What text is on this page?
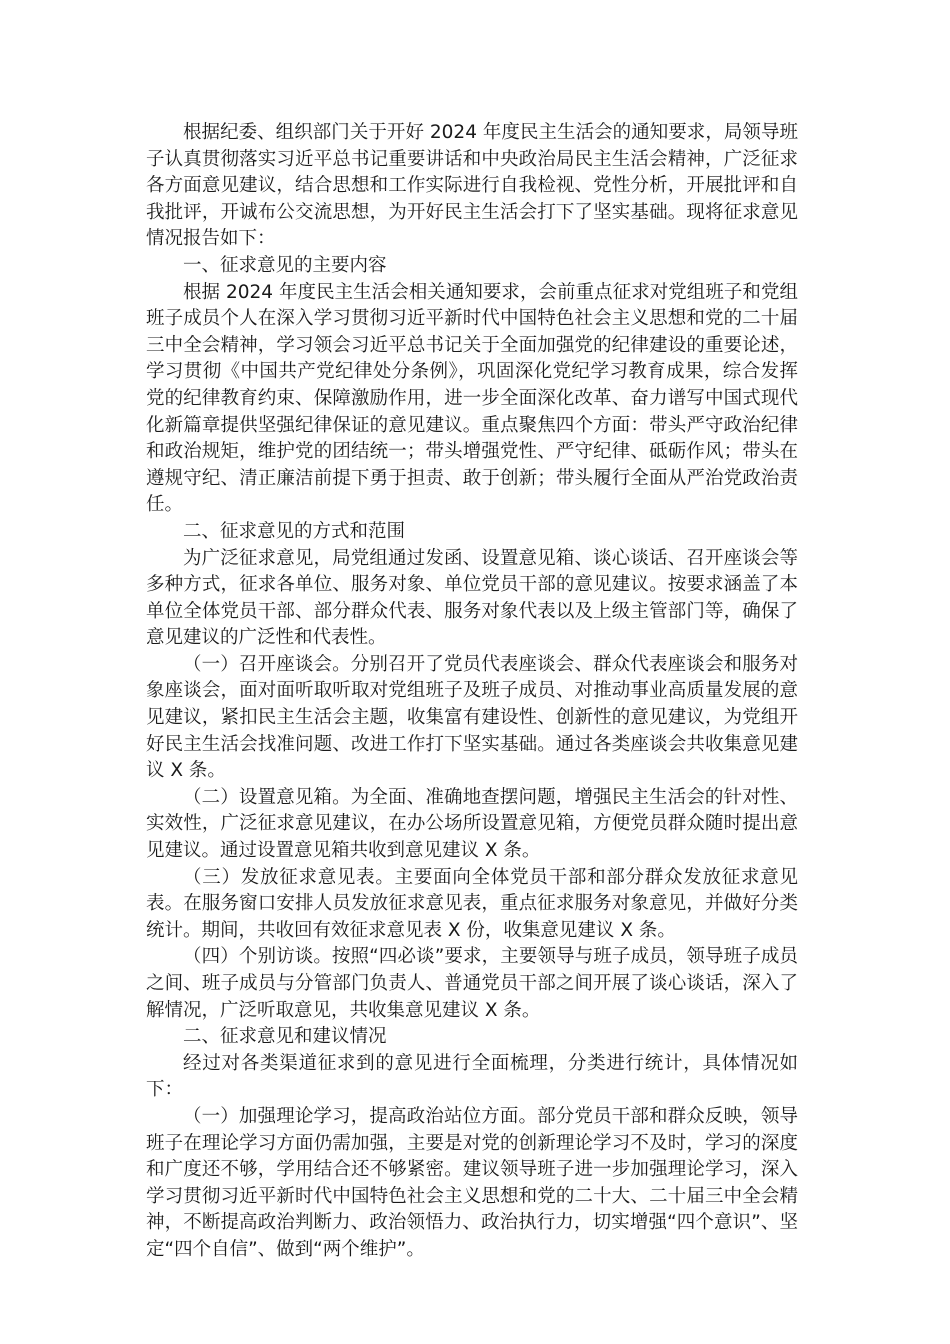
根据纪委、组织部门关于开好 2024 年度民主生活会的通知要求，局领导班子认真贯彻落实习近平总书记重要讲话和中央政治局民主生活会精神，广泛征求各方面意见建议，结合思想和工作实际进行自我检视、党性分析，开展批评和自我批评，开诚布公交流思想，为开好民主生活会打下了坚实基础。现将征求意见情况报告如下：

一、征求意见的主要内容

根据 2024 年度民主生活会相关通知要求，会前重点征求对党组班子和党组班子成员个人在深入学习贯彻习近平新时代中国特色社会主义思想和党的二十届三中全会精神，学习领会习近平总书记关于全面加强党的纪律建设的重要论述，学习贯彻《中国共产党纪律处分条例》，巩固深化党纪学习教育成果，综合发挥党的纪律教育约束、保障激励作用，进一步全面深化改革、奋力谱写中国式现代化新篇章提供坚强纪律保证的意见建议。重点聚焦四个方面：带头严守政治纪律和政治规矩，维护党的团结统一；带头增强党性、严守纪律、砥砺作风；带头在遵规守纪、清正廉洁前提下勇于担责、敢于创新；带头履行全面从严治党政治责任。

二、征求意见的方式和范围

为广泛征求意见，局党组通过发函、设置意见箱、谈心谈话、召开座谈会等多种方式，征求各单位、服务对象、单位党员干部的意见建议。按要求涵盖了本单位全体党员干部、部分群众代表、服务对象代表以及上级主管部门等，确保了意见建议的广泛性和代表性。

（一）召开座谈会。分别召开了党员代表座谈会、群众代表座谈会和服务对象座谈会，面对面听取听取对党组班子及班子成员、对推动事业高质量发展的意见建议，紧扣民主生活会主题，收集富有建设性、创新性的意见建议，为党组开好民主生活会找准问题、改进工作打下坚实基础。通过各类座谈会共收集意见建议 X 条。

（二）设置意见箱。为全面、准确地查摆问题，增强民主生活会的针对性、实效性，广泛征求意见建议，在办公场所设置意见箱，方便党员群众随时提出意见建议。通过设置意见箱共收到意见建议 X 条。

（三）发放征求意见表。主要面向全体党员干部和部分群众发放征求意见表。在服务窗口安排人员发放征求意见表，重点征求服务对象意见，并做好分类统计。期间，共收回有效征求意见表 X 份，收集意见建议 X 条。

（四）个别访谈。按照“四必谈”要求，主要领导与班子成员，领导班子成员之间、班子成员与分管部门负责人、普通党员干部之间开展了谈心谈话，深入了解情况，广泛听取意见，共收集意见建议 X 条。

二、征求意见和建议情况

经过对各类渠道征求到的意见进行全面梳理，分类进行统计，具体情况如下：

（一）加强理论学习，提高政治站位方面。部分党员干部和群众反映，领导班子在理论学习方面仍需加强，主要是对党的创新理论学习不及时，学习的深度和广度还不够，学用结合还不够紧密。建议领导班子进一步加强理论学习，深入学习贯彻习近平新时代中国特色社会主义思想和党的二十大、二十届三中全会精神，不断提高政治判断力、政治领悟力、政治执行力，切实增强“四个意识”、坚定“四个自信”、做到“两个维护”。
